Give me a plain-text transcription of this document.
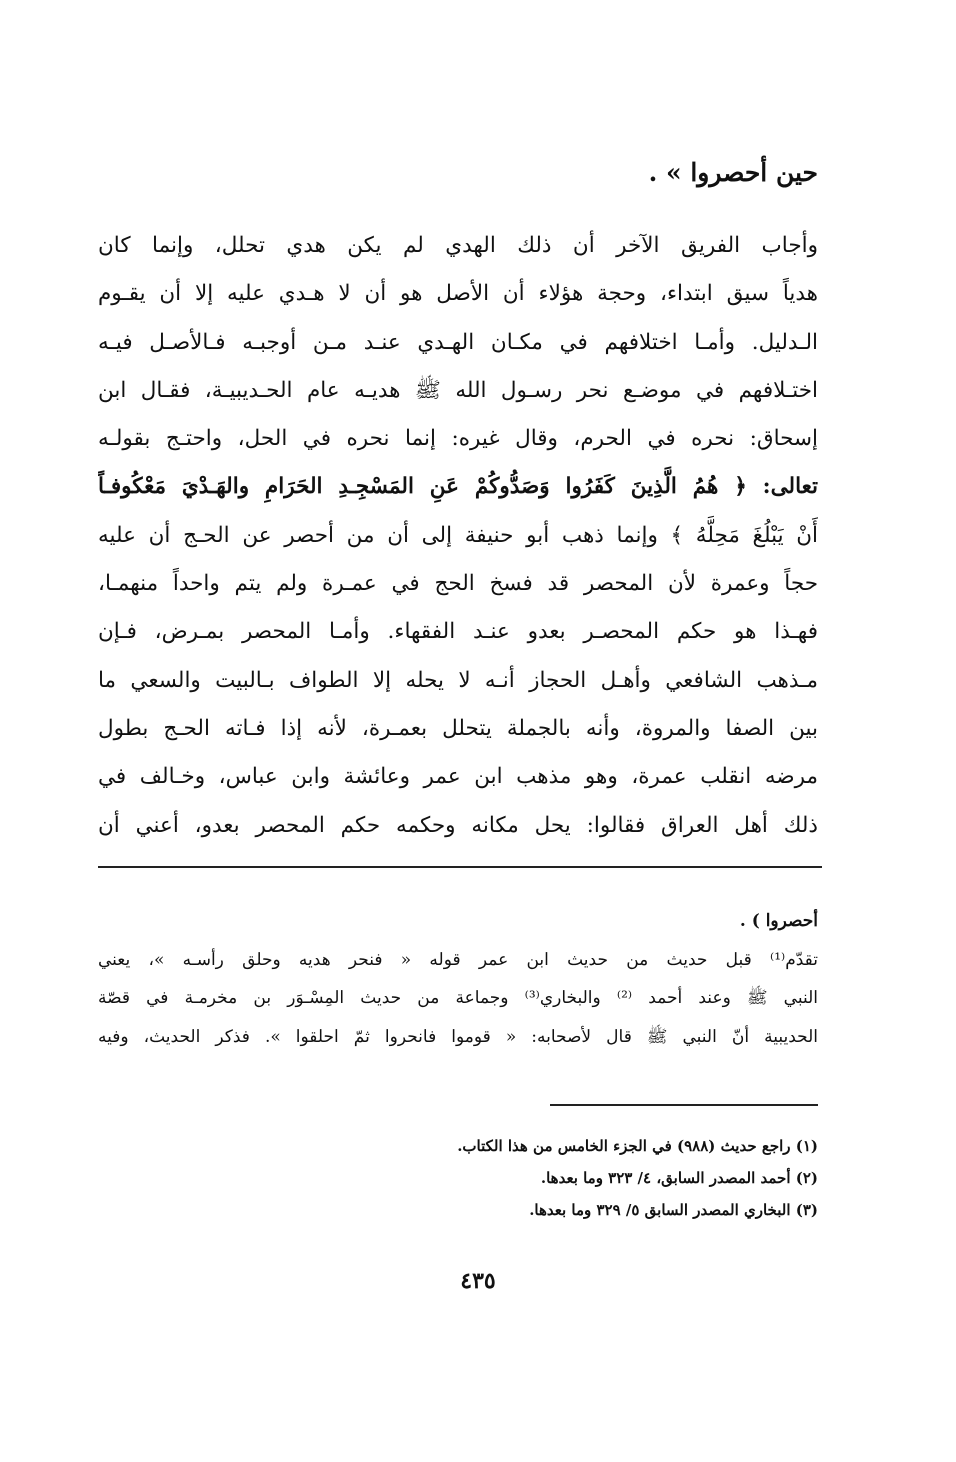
حين أحصروا » .
وأجاب الفريق الآخر أن ذلك الهدي لم يكن هدي تحلل، وإنما كان
هدياً سيق ابتداء، وحجة هؤلاء أن الأصل هو أن لا هـدي عليه إلا أن يقـوم
الـدليل. وأمـا اختلافهم في مكـان الهـدي عنـد مـن أوجبـه فـالأصـل فيـه
اختـلافهم في موضـع نحر رسـول الله ﷺ هديـه عام الحـديبيـة، فقـال ابن
إسحاق: نحره في الحرم، وقال غيره: إنما نحره في الحل، واحتـج بقولـه
تعالى: ﴿ هُمُ الَّذِينَ كَفَرُوا وَصَدُّوكُمْ عَنِ المَسْجِـدِ الحَرَامِ والهَـدْيَ مَعْكُوفـاً
أَنْ يَبْلُغَ مَحِلَّهُ ﴾ وإنما ذهب أبو حنيفة إلى أن من أحصر عن الحـج أن عليه
حجاً وعمرة لأن المحصر قد فسخ الحج في عمـرة ولم يتم واحداً منهمـا،
فهـذا هو حكم المحصـر بعدو عنـد الفقهاء. وأمـا المحصر بمـرض، فـإن
مـذهب الشافعي وأهـل الحجاز أنـه لا يحله إلا الطواف بـالبيت والسعي ما
بين الصفا والمروة، وأنه بالجملة يتحلل بعمـرة، لأنه إذا فـاته الحـج بطول
مرضه انقلب عمرة، وهو مذهب ابن عمر وعائشة وابن عباس، وخـالف في
ذلك أهل العراق فقالوا: يحل مكانه وحكمه حكم المحصر بعدو، أعني أن
أحصروا ) .
تقدّم⁽¹⁾ قبل حديث من حديث ابن عمر قوله « فنحر هديه وحلق رأسـه »، يعني
النبي ﷺ وعند أحمد ⁽²⁾ والبخاري⁽³⁾ وجماعة من حديث المِسْـوَر بن مخرمـة في قصّة
الحديبية أنّ النبي ﷺ قال لأصحابه: « قوموا فانحروا ثمّ احلقوا ». فذكر الحديث، وفيه
(١) راجع حديث (٩٨٨) في الجزء الخامس من هذا الكتاب.
(٢) أحمد المصدر السابق، ٤/ ٣٢٣ وما بعدها.
(٣) البخاري المصدر السابق ٥/ ٣٢٩ وما بعدها.
٤٣٥
